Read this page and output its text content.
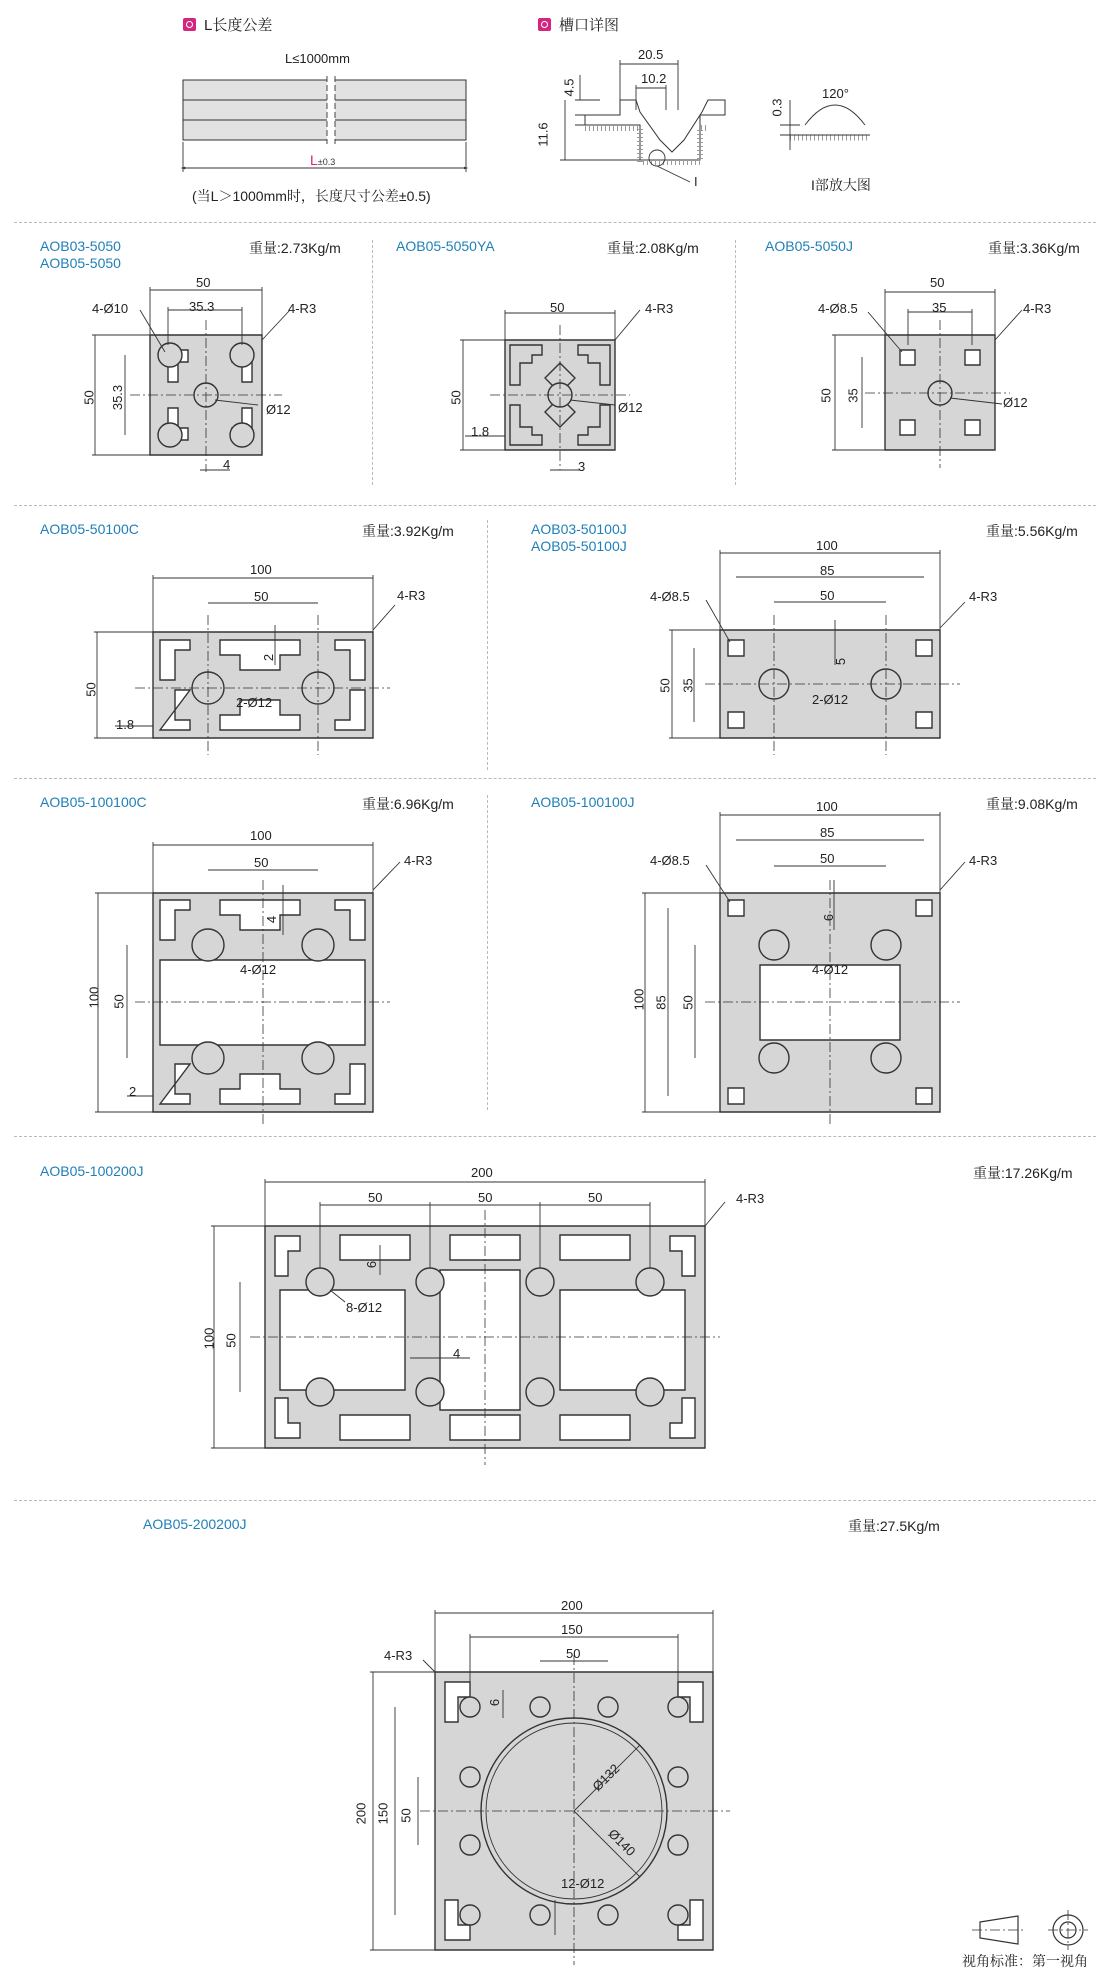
L长度公差	槽口详图
L≤1000mm
L±0.3
(当L＞1000mm时，长度尺寸公差±0.5)
20.5
10.2
4.5
11.6
I
0.3
120°
I部放大图
AOB03-5050
AOB05-5050
重量:2.73Kg/m	AOB05-5050YA	重量:2.08Kg/m	AOB05-5050J	重量:3.36Kg/m
50
35.3
4-Ø10	4-R3
50 35.3	Ø12
4
50	4-R3
50
Ø12
1.8
3
50
35
4-Ø8.5	4-R3
50 35	Ø12
AOB05-50100C	重量:3.92Kg/m	AOB03-50100J
AOB05-50100J
重量:5.56Kg/m
100
50	4-R3
50
2
2-Ø12
1.8
100
85
50
4-Ø8.5	4-R3
50 35
5
2-Ø12
AOB05-100100C	重量:6.96Kg/m	AOB05-100100J	重量:9.08Kg/m
100
50	4-R3
4
4-Ø12
100 50
2
100
85
50
4-Ø8.5	4-R3
6
4-Ø12
100 85 50
AOB05-100200J	重量:17.26Kg/m
200
50	50	50	4-R3
6
8-Ø12
100 50
4
AOB05-200200J	重量:27.5Kg/m
200
150
50
4-R3
6
200 150 50
Ø132
Ø140
12-Ø12
视角标准：第一视角
